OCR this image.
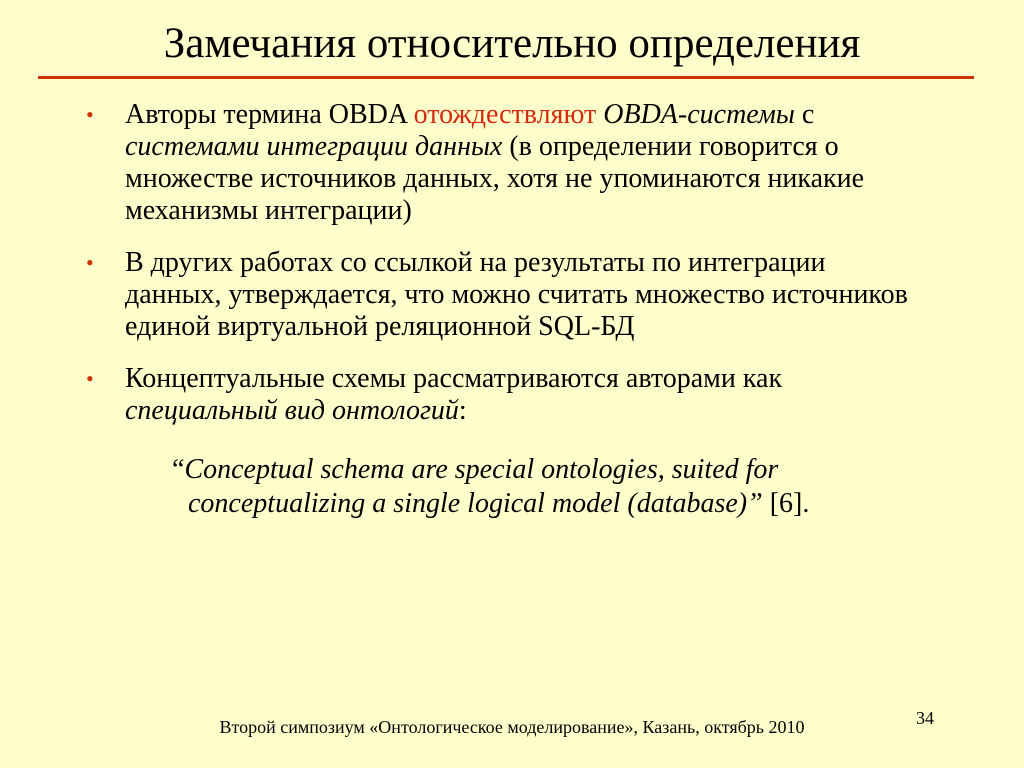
Замечания относительно определения
• Авторы термина OBDA отождествляют OBDA-системы с системами интеграции данных (в определении говорится о множестве источников данных, хотя не упоминаются никакие механизмы интеграции)
• В других работах со ссылкой на результаты по интеграции данных, утверждается, что можно считать множество источников единой виртуальной реляционной SQL-БД
• Концептуальные схемы рассматриваются авторами как специальный вид онтологий:
“Conceptual schema are special ontologies, suited for conceptualizing a single logical model (database)” [6].
Второй симпозиум «Онтологическое моделирование», Казань, октябрь 2010	34
